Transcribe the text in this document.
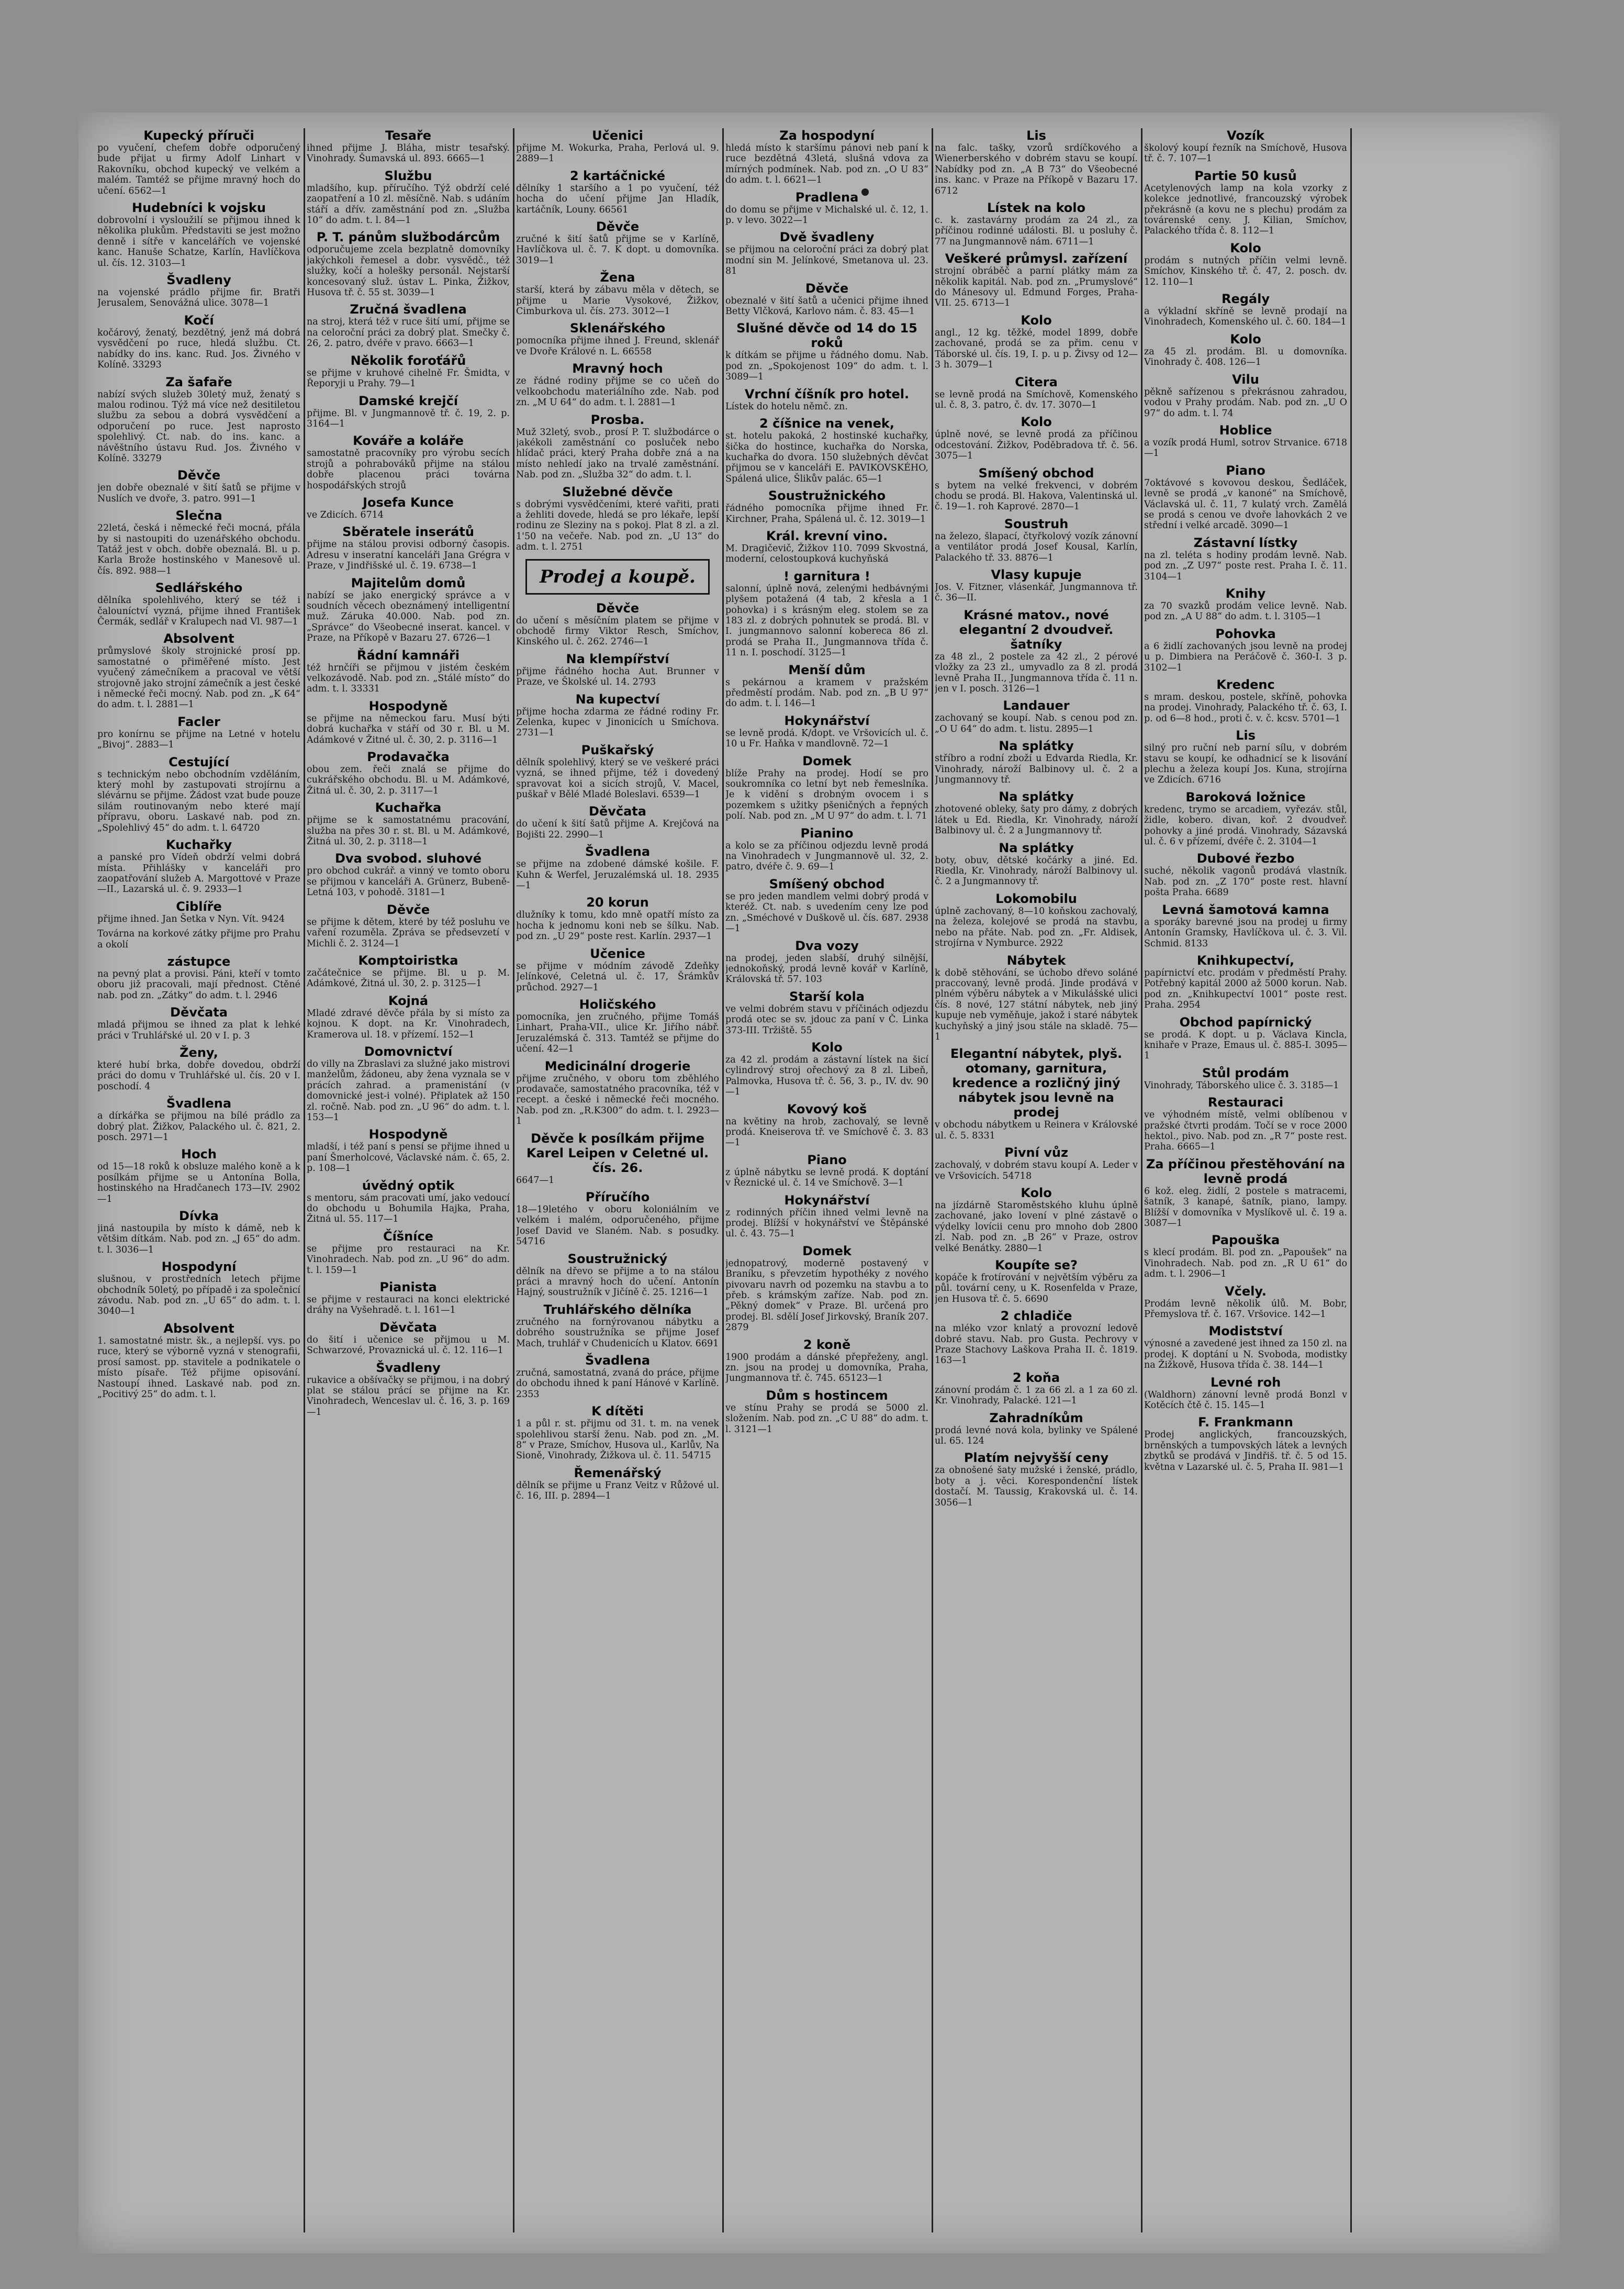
Kupecký příruči
po vyučení, chefem dobře odporučený bude přijat u firmy Adolf Linhart v Rakovníku, obchod kupecký ve velkém a malém. Tamtéž se přijme mravný hoch do učení. 6562—1
Hudebníci k vojsku
dobrovolní i vysloužilí se přijmou ihned k několika plukům. Představiti se jest možno denně i sítře v kancelářích ve vojenské kanc. Hanuše Schatze, Karlín, Havlíčkova ul. čís. 12. 3103—1
Švadleny
na vojenské prádlo přijme fir. Bratři Jerusalem, Senovážná ulice. 3078—1
Kočí
kočárový, ženatý, bezdětný, jenž má dobrá vysvědčení po ruce, hledá službu. Ct. nabídky do ins. kanc. Rud. Jos. Živného v Kolíně. 33293
Za šafaře
nabízí svých služeb 30letý muž, ženatý s malou rodinou. Týž má více než desitiletou službu za sebou a dobrá vysvědčení a odporučení po ruce. Jest naprosto spolehlivý. Ct. nab. do ins. kanc. a návěštního ústavu Rud. Jos. Živného v Kolíně. 33279
Děvče
jen dobře obeznalé v šití šatů se přijme v Nuslích ve dvoře, 3. patro. 991—1
Slečna
22letá, česká i německé řeči mocná, přála by si nastoupiti do uzenářského obchodu. Tatáž jest v obch. dobře obeznalá. Bl. u p. Karla Brože hostinského v Manesově ul. čís. 892. 988—1
Sedlářského
dělníka spolehlivého, který se též i čalouníctví vyzná, přijme ihned František Čermák, sedlář v Kralupech nad Vl. 987—1
Absolvent
průmyslové školy strojnické prosí pp. samostatné o přiměřené místo. Jest vyučený zámečníkem a pracoval ve větší strojovně jako strojní zámečník a jest české i německé řeči mocný. Nab. pod zn. „K 64“ do adm. t. l. 2881—1
Facler
pro konírnu se přijme na Letné v hotelu „Bivoj“. 2883—1
Cestující
s technickým nebo obchodním vzděláním, který mohl by zastupovati strojírnu a slévárnu se přijme. Žádost vzat bude pouze silám routinovaným nebo které mají přípravu, oboru. Laskavé nab. pod zn. „Spolehlivý 45“ do adm. t. l. 64720
Kuchařky
a panské pro Vídeň obdrží velmi dobrá místa. Přihlášky v kanceláři pro zaopatřování služeb A. Margottové v Praze—II., Lazarská ul. č. 9. 2933—1
Ciblíře
přijme ihned. Jan Šetka v Nyn. Vít. 9424
Továrna na korkové zátky přijme pro Prahu a okolí
zástupce
na pevný plat a provisi. Páni, kteří v tomto oboru již pracovali, mají přednost. Ctěné nab. pod zn. „Zátky“ do adm. t. l. 2946
Děvčata
mladá přijmou se ihned za plat k lehké práci v Truhlářské ul. 20 v I. p. 3
Ženy,
které hubí brka, dobře dovedou, obdrží práci do domu v Truhlářské ul. čís. 20 v I. poschodí. 4
Švadlena
a dírkářka se přijmou na bílé prádlo za dobrý plat. Žižkov, Palackého ul. č. 821, 2. posch. 2971—1
Hoch
od 15—18 roků k obsluze malého koně a k posílkám přijme se u Antonína Bolla, hostinského na Hradčanech 173—IV. 2902—1
Dívka
jiná nastoupila by místo k dámě, neb k většim dítkám. Nab. pod zn. „J 65“ do adm. t. l. 3036—1
Hospodyní
slušnou, v prostředních letech přijme obchodník 50letý, po případě i za společnicí závodu. Nab. pod zn. „U 65“ do adm. t. l. 3040—1
Absolvent
1. samostatné mistr. šk., a nejlepší. vys. po ruce, který se výborně vyzná v stenografii, prosí samost. pp. stavitele a podnikatele o místo písaře. Též přijme opisování. Nastoupí ihned. Laskavé nab. pod zn. „Pocitivý 25“ do adm. t. l.
Tesaře
ihned přijme J. Bláha, mistr tesařský. Vinohrady. Šumavská ul. 893. 6665—1
Službu
mladšího, kup. příručího. Týž obdrží celé zaopatření a 10 zl. měsíčně. Nab. s udáním stáří a dřív. zaměstnání pod zn. „Služba 10“ do adm. t. l. 84—1
P. T. pánům službodárcům
odporučujeme zcela bezplatně domovníky jakýchkoli řemesel a dobr. vysvědč., též služky, kočí a holešky personál. Nejstarší koncesovaný služ. ústav L. Pinka, Žižkov, Husova tř. č. 55 st. 3039—1
Zručná švadlena
na stroj, která též v ruce šití umí, přijme se na celoroční práci za dobrý plat. Smečky č. 26, 2. patro, dvéře v pravo. 6663—1
Několik foroťářů
se přijme v kruhové cihelně Fr. Šmidta, v Řeporyji u Prahy. 79—1
Damské krejčí
přijme. Bl. v Jungmannově tř. č. 19, 2. p. 3164—1
Kováře a koláře
samostatně pracovníky pro výrobu secích strojů a pohrabováků přijme na stálou dobře placenou práci továrna hospodářských strojů
Josefa Kunce
ve Zdicích. 6714
Sběratele inserátů
přijme na stálou provisi odborný časopis. Adresu v inseratní kanceláři Jana Grégra v Praze, v Jindřišské ul. č. 19. 6738—1
Majitelům domů
nabízí se jako energický správce a v soudních věcech obeznámený intelligentní muž. Záruka 40.000. Nab. pod zn. „Správce“ do Všeobecné inserat. kancel. v Praze, na Příkopě v Bazaru 27. 6726—1
Řádní kamnáři
též hrnčíři se přijmou v jistém českém velkozávodě. Nab. pod zn. „Stálé místo“ do adm. t. l. 33331
Hospodyně
se přijme na německou faru. Musí býti dobrá kuchařka v stáří od 30 r. Bl. u M. Adámkové v Žitné ul. č. 30, 2. p. 3116—1
Prodavačka
obou zem. řeči znalá se přijme do cukrářského obchodu. Bl. u M. Adámkové, Žitná ul. č. 30, 2. p. 3117—1
Kuchařka
přijme se k samostatnému pracování, služba na přes 30 r. st. Bl. u M. Adámkové, Žitná ul. 30, 2. p. 3118—1
Dva svobod. sluhové
pro obchod cukrář. a vinný ve tomto oboru se přijmou v kanceláři A. Grünerz, Bubeně-Letná 103, v pohodě. 3181—1
Děvče
se přijme k dětem, které by též posluhu ve vaření rozuměla. Zpráva se předsevzetí v Michli č. 2. 3124—1
Komptoiristka
začátečnice se přijme. Bl. u p. M. Adámkové, Žitná ul. 30, 2. p. 3125—1
Kojná
Mladé zdravé děvče přála by si místo za kojnou. K dopt. na Kr. Vinohradech, Kramerova ul. 18. v přízemí. 152—1
Domovnictví
do villy na Zbraslavi za služné jako mistrovi manželům, žádoneu, aby žena vyznala se v prácích zahrad. a pramenistání (v domovnické jest-i volné). Připlatek až 150 zl. ročně. Nab. pod zn. „U 96“ do adm. t. l. 153—1
Hospodyně
mladší, i též paní s pensí se přijme ihned u paní Šmerholcové, Václavské nám. č. 65, 2. p. 108—1
úvědný optik
s mentoru, sám pracovati umí, jako vedoucí do obchodu u Bohumila Hajka, Praha, Žitná ul. 55. 117—1
Číšníce
se přijme pro restauraci na Kr. Vinohradech. Nab. pod zn. „U 96“ do adm. t. l. 159—1
Pianista
se přijme v restauraci na konci elektrické dráhy na Vyšehradě. t. l. 161—1
Děvčata
do šití i učenice se přijmou u M. Schwarzové, Provaznická ul. č. 12. 116—1
Švadleny
rukavice a obšívačky se přijmou, i na dobrý plat se stálou prácí se přijme na Kr. Vinohradech, Wenceslav ul. č. 16, 3. p. 169—1
Učenici
přijme M. Wokurka, Praha, Perlová ul. 9. 2889—1
2 kartáčnické
dělníky 1 staršího a 1 po vyučení, též hocha do učení přijme Jan Hladík, kartáčník, Louny. 66561
Děvče
zručné k šití šatů přijme se v Karlíně, Havlíčkova ul. č. 7. K dopt. u domovníka. 3019—1
Žena
starší, která by zábavu měla v dětech, se přijme u Marie Vysokové, Žižkov, Cimburkova ul. čís. 273. 3012—1
Sklenářského
pomocníka přijme ihned J. Freund, sklenář ve Dvoře Králové n. L. 66558
Mravný hoch
ze řádné rodiny přijme se co učeň do velkoobchodu materiálního zde. Nab. pod zn. „M U 64“ do adm. t. l. 2881—1
Prosba.
Muž 32letý, svob., prosí P. T. službodárce o jakékoli zaměstnání co posluček nebo hlídač práci, který Praha dobře zná a na místo nehledí jako na trvalé zaměstnání. Nab. pod zn. „Služba 32“ do adm. t. l.
Služebné děvče
s dobrými vysvědčeními, které vařiti, prati a žehliti dovede, hledá se pro lékaře, lepší rodinu ze Sleziny na s pokoj. Plat 8 zl. a zl. 1'50 na večeře. Nab. pod zn. „U 13“ do adm. t. l. 2751
Prodej a koupě.
Děvče
do učení s měsíčním platem se přijme v obchodě firmy Viktor Resch, Smíchov, Kinského ul. č. 262. 2746—1
Na klempířství
přijme řádného hocha Aut. Brunner v Praze, ve Školské ul. 14. 2793
Na kupectví
přijme hocha zdarma ze řádné rodiny Fr. Zelenka, kupec v Jinonicích u Smíchova. 2731—1
Puškařský
dělník spolehlivý, který se ve veškeré práci vyzná, se ihned přijme, též i dovedený spravovat koi a sicích strojů, V. Macel, puškař v Bělé Mladé Boleslavi. 6539—1
Děvčata
do učení k šití šatů přijme A. Krejčová na Bojišti 22. 2990—1
Švadlena
se přijme na zdobené dámské košile. F. Kuhn & Werfel, Jeruzalémská ul. 18. 2935—1
20 korun
dlužníky k tomu, kdo mně opatří místo za hocha k jednomu koni neb se šílku. Nab. pod zn. „U 29“ poste rest. Karlín. 2937—1
Učenice
se přijme v módním závodě Zdeňky Jelínkové, Celetná ul. č. 17, Šrámkův průchod. 2927—1
Holičského
pomocníka, jen zručného, přijme Tomáš Linhart, Praha-VII., ulice Kr. Jiřího nábř. Jeruzalémská č. 313. Tamtéž se přijme do učení. 42—1
Medicinální drogerie
přijme zručného, v oboru tom zběhlého prodavače, samostatného pracovníka, též v recept. a české i německé řeči mocného. Nab. pod zn. „R.K300“ do adm. t. l. 2923—1
Děvče k posílkám přijme Karel Leipen v Celetné ul. čís. 26.
6647—1
Příručího
18—19letého v oboru koloniálním ve velkém i malém, odporučeného, přijme Josef David ve Slaném. Nab. s posudky. 54716
Soustružnický
dělník na dřevo se přijme a to na stálou práci a mravný hoch do učení. Antonín Hajný, soustružník v Jičíně č. 25. 1216—1
Truhlářského dělníka
zručného na fornýrovanou nábytku a dobrého soustružníka se přijme Josef Mach, truhlář v Chudenicích u Klatov. 6691
Švadlena
zručná, samostatná, zvaná do práce, přijme do obchodu ihned k paní Hánové v Karlíně. 2353
K dítěti
1 a půl r. st. přijmu od 31. t. m. na venek spolehlivou starší ženu. Nab. pod zn. „M. 8“ v Praze, Smíchov, Husova ul., Karlův, Na Sioně, Vinohrady, Žižkova ul. č. 11. 54715
Řemenářský
dělník se přijme u Franz Veitz v Růžové ul. č. 16, III. p. 2894—1
Za hospodyní
hledá místo k staršímu pánovi neb paní k ruce bezdětná 43letá, slušná vdova za mírných podmínek. Nab. pod zn. „O U 83“ do adm. t. l. 6621—1
Pradlena
do domu se přijme v Michalské ul. č. 12, 1. p. v levo. 3022—1
Dvě švadleny
se přijmou na celoroční práci za dobrý plat modní sin M. Jelínkové, Smetanova ul. 23. 81
Děvče
obeznalé v šití šatů a učenici přijme ihned Betty Vlčková, Karlovo nám. č. 83. 45—1
Slušné děvče od 14 do 15 roků
k dítkám se přijme u řádného domu. Nab. pod zn. „Spokojenost 109“ do adm. t. l. 3089—1
Vrchní číšník pro hotel.
Lístek do hotelu němč. zn.
2 číšnice na venek,
st. hotelu pakoká, 2 hostinské kuchařky, šička do hostince, kuchařka do Norska, kuchařka do dvora. 150 služebných děvčat přijmou se v kanceláři E. PAVIKOVSKÉHO, Spálená ulice, Šlikův palác. 65—1
Soustružnického
řádného pomocníka přijme ihned Fr. Kirchner, Praha, Spálená ul. č. 12. 3019—1
Král. krevní vino.
M. Dragičevič, Žižkov 110. 7099 Skvostná, moderní, celostoupková kuchyňská
! garnitura !
salonní, úplně nová, zelenými hedbávnými plyšem potažená (4 tab, 2 křesla a 1 pohovka) i s krásným eleg. stolem se za 183 zl. z dobrých pohnutek se prodá. Bl. v I. jungmannovo salonní kobereca 86 zl. prodá se Praha II., Jungmannova třída č. 11 n. I. poschodí. 3125—1
Menší dům
s pekárnou a kramem v pražském předměstí prodám. Nab. pod zn. „B U 97“ do adm. t. l. 146—1
Hokynářství
se levně prodá. K/dopt. ve Vršovicích ul. č. 10 u Fr. Haňka v mandlovně. 72—1
Domek
blíže Prahy na prodej. Hodí se pro soukromníka co letní byt neb řemeslníka. Je k vidění s drobným ovocem i s pozemkem s užitky pšeničných a řepných polí. Nab. pod zn. „M U 97“ do adm. t. l. 71
Pianino
a kolo se za příčinou odjezdu levně prodá na Vinohradech v Jungmannově ul. 32, 2. patro, dvéře č. 9. 69—1
Smíšený obchod
se pro jeden mandlem velmi dobrý prodá v kteréž. Ct. nab. s uvedením ceny lze pod zn. „Sméchové v Duškově ul. čís. 687. 2938—1
Dva vozy
na prodej, jeden slabší, druhý silnější, jednokoňský, prodá levně kovář v Karlíně, Královská tř. 57. 103
Starší kola
ve velmi dobrém stavu v příčinách odjezdu prodá otec se sv. jdouc za paní v Č. Linka 373-III. Tržiště. 55
Kolo
za 42 zl. prodám a zástavní lístek na šicí cylindrový stroj ořechový za 8 zl. Libeň, Palmovka, Husova tř. č. 56, 3. p., IV. dv. 90—1
Kovový koš
na květiny na hrob, zachovalý, se levně prodá. Kneiserova tř. ve Smíchově č. 3. 83—1
Piano
z úplně nábytku se levně prodá. K doptání v Řeznické ul. č. 14 ve Smíchově. 3—1
Hokynářství
z rodinných příčin ihned velmi levně na prodej. Blížší v hokynářství ve Štěpánské ul. č. 43. 75—1
Domek
jednopatrový, moderně postavený v Braníku, s převzetím hypothéky z nového pivovaru navrh od pozemku na stavbu a to přeb. s krámským zaříze. Nab. pod zn. „Pěkný domek“ v Praze. Bl. určená pro prodej. Bl. sdělí Josef Jirkovský, Braník 207. 2879
2 koně
1900 prodám a dánské přepřeženy, angl. zn. jsou na prodej u domovníka, Praha, Jungmannova tř. č. 745. 65123—1
Dům s hostincem
ve stínu Prahy se prodá se 5000 zl. složením. Nab. pod zn. „C U 88“ do adm. t. l. 3121—1
Lis
na falc. tašky, vzorů srdíčkového a Wienerberského v dobrém stavu se koupí. Nabídky pod zn. „A B 73“ do Všeobecné ins. kanc. v Praze na Příkopě v Bazaru 17. 6712
Lístek na kolo
c. k. zastavárny prodám za 24 zl., za příčinou rodinné události. Bl. u posluhy č. 77 na Jungmannově nám. 6711—1
Veškeré průmysl. zařízení
strojní obráběč a parní plátky mám za několik kapitál. Nab. pod zn. „Prumyslové“ do Mánesovy ul. Edmund Forges, Praha-VII. 25. 6713—1
Kolo
angl., 12 kg. těžké, model 1899, dobře zachované, prodá se za přim. cenu v Táborské ul. čís. 19, I. p. u p. Živsy od 12—3 h. 3079—1
Citera
se levně prodá na Smíchově, Komenského ul. č. 8, 3. patro, č. dv. 17. 3070—1
Kolo
úplně nové, se levně prodá za příčinou odcestování. Žižkov, Poděbradova tř. č. 56. 3075—1
Smíšený obchod
s bytem na velké frekvenci, v dobrém chodu se prodá. Bl. Hakova, Valentinská ul. č. 19—1. roh Kaprové. 2870—1
Soustruh
na železo, šlapací, čtyřkolový vozík zánovní a ventilátor prodá Josef Kousal, Karlín, Palackého tř. 33. 8876—1
Vlasy kupuje
Jos. V. Fitzner, vlásenkář, Jungmannova tř. č. 36—II.
Krásné matov., nové elegantní 2 dvoudveř. šatníky
za 48 zl., 2 postele za 42 zl., 2 pérové vložky za 23 zl., umyvadlo za 8 zl. prodá levně Praha II., Jungmannova třída č. 11 n. jen v I. posch. 3126—1
Landauer
zachovaný se koupí. Nab. s cenou pod zn. „O U 64“ do adm. t. listu. 2895—1
Na splátky
stříbro a rodní zboží u Edvarda Riedla, Kr. Vinohrady, nároží Balbinovy ul. č. 2 a Jungmannovy tř.
Na splátky
zhotovené obleky, šaty pro dámy, z dobrých látek u Ed. Riedla, Kr. Vinohrady, nároží Balbinovy ul. č. 2 a Jungmannovy tř.
Na splátky
boty, obuv, dětské kočárky a jiné. Ed. Riedla, Kr. Vinohrady, nároží Balbinovy ul. č. 2 a Jungmannovy tř.
Lokomobilu
úplně zachovaný, 8—10 koňskou zachovalý, na železa, kolejové se prodá na stavbu, nebo na přáte. Nab. pod zn. „Fr. Aldisek, strojírna v Nymburce. 2922
Nábytek
k době stěhování, se úchobo dřevo soláné praccovaný, levně prodá. Jinde prodává v plném výběru nábytek a v Mikulášské ulici čís. 8 nové, 127 státní nábytek, neb jiný kupuje neb vyměňuje, jakož i staré nábytek kuchyňský a jiný jsou stále na skladě. 75—1
Elegantní nábytek, plyš. otomany, garnitura, kredence a rozličný jiný nábytek jsou levně na prodej
v obchodu nábytkem u Reinera v Královské ul. č. 5. 8331
Pivní vůz
zachovalý, v dobrém stavu koupí A. Leder v ve Vršovicích. 54718
Kolo
na jízdárně Staroměstského kluhu úplně zachované, jako lovení v plné zástavě o výdelky lovícii cenu pro mnoho dob 2800 zl. Nab. pod zn. „B 26“ v Praze, ostrov velké Benátky. 2880—1
Koupíte se?
kopáče k frotírování v největším výběru za půl. tovární ceny, u K. Rosenfelda v Praze, jen Husova tř. č. 5. 6690
2 chladiče
na mléko vzor knlatý a provozní ledově dobré stavu. Nab. pro Gusta. Pechrovy v Praze Stachovy Laškova Praha II. č. 1819. 163—1
2 koňa
zánovní prodám č. 1 za 66 zl. a 1 za 60 zl. Kr. Vinohrady, Palacké. 121—1
Zahradníkům
prodá levné nová kola, bylinky ve Spálené ul. 65. 124
Platím nejvyšší ceny
za obnošené šaty mužské i ženské, prádlo, boty a j. věci. Korespondenční lístek dostačí. M. Taussig, Krakovská ul. č. 14. 3056—1
Vozík
školový koupí řezník na Smíchově, Husova tř. č. 7. 107—1
Partie 50 kusů
Acetylenových lamp na kola vzorky z kolekce jednotlivé, francouzský výrobek překrásně (a kovu ne s plechu) prodám za továrenské ceny. J. Kilian, Smíchov, Palackého třída č. 8. 112—1
Kolo
prodám s nutných příčin velmi levně. Smíchov, Kinského tř. č. 47, 2. posch. dv. 12. 110—1
Regály
a výkladní skříně se levně prodají na Vinohradech, Komenského ul. č. 60. 184—1
Kolo
za 45 zl. prodám. Bl. u domovníka. Vinohrady č. 408. 126—1
Vilu
pěkně sařízenou s překrásnou zahradou, vodou v Prahy prodám. Nab. pod zn. „U O 97“ do adm. t. l. 74
Hoblice
a vozík prodá Huml, sotrov Strvanice. 6718—1
Piano
7oktávové s kovovou deskou, Šedláček, levně se prodá „v kanoné“ na Smíchově, Václavská ul. č. 11, 7 kulatý vrch. Zamělá se prodá s cenou ve dvoře lahovkách 2 ve střední i velké arcadě. 3090—1
Zástavní lístky
na zl. teléta s hodiny prodám levně. Nab. pod zn. „Z U97“ poste rest. Praha I. č. 11. 3104—1
Knihy
za 70 svazků prodám velice levně. Nab. pod zn. „A U 88“ do adm. t. l. 3105—1
Pohovka
a 6 židlí zachovaných jsou levně na prodej u p. Dimbiera na Peráčově č. 360-I. 3 p. 3102—1
Kredenc
s mram. deskou, postele, skříně, pohovka na prodej. Vinohrady, Palackého tř. č. 63, I. p. od 6—8 hod., proti č. v. č. kcsv. 5701—1
Lis
silný pro ruční neb parní sílu, v dobrém stavu se koupí, ke odhadnicí se k lisování plechu a železa koupí Jos. Kuna, strojírna ve Zdicích. 6716
Baroková ložnice
kredenc, trymo se arcadiem, vyřezáv. stůl, židle, kobero. divan, koř. 2 dvoudveř. pohovky a jiné prodá. Vinohrady, Sázavská ul. č. 6 v přízemí, dvéře č. 2. 3104—1
Dubové řezbo
suché, několik vagonů prodává vlastník. Nab. pod zn. „Z 170“ poste rest. hlavní pošta Praha. 6689
Levná šamotová kamna
a sporáky barevné jsou na prodej u firmy Antonín Gramsky, Havlíčkova ul. č. 3. Vil. Schmid. 8133
Knihkupectví,
papírnictví etc. prodám v předměstí Prahy. Potřebný kapitál 2000 až 5000 korun. Nab. pod zn. „Knihkupectví 1001“ poste rest. Praha. 2954
Obchod papírnický
se prodá. K dopt. u p. Václava Kinclа, knihaře v Praze, Emaus ul. č. 885-I. 3095—1
Stůl prodám
Vinohrady, Táborského ulice č. 3. 3185—1
Restauraci
ve výhodném místě, velmi oblíbenou v pražské čtvrti prodám. Točí se v roce 2000 hektol., pivo. Nab. pod zn. „R 7“ poste rest. Praha. 6665—1
Za příčinou přestěhování na levně prodá
6 kož. eleg. židlí, 2 postele s matracemi, šatník, 3 kanapé, šatník, piano, lampy. Blížší v domovníka v Myslíkově ul. č. 19 a. 3087—1
Papouška
s klecí prodám. Bl. pod zn. „Papoušek“ na Vinohradech. Nab. pod zn. „R U 61“ do adm. t. l. 2906—1
Včely.
Prodám levně několik úlů. M. Bobr, Přemyslova tř. č. 167. Vršovice. 142—1
Modistství
výnosné a zavedené jest ihned za 150 zl. na prodej. K doptání u N. Svoboda, modistky na Žižkově, Husova třída č. 38. 144—1
Levné roh
(Waldhorn) zánovní levně prodá Bonzl v Kotěcích čtě č. 15. 145—1
F. Frankmann
Prodej anglických, francouzských, brněnských a tumpovských látek a levných zbytků se prodává v Jindřiš. tř. č. 5 od 15. května v Lazarské ul. č. 5, Praha II. 981—1
